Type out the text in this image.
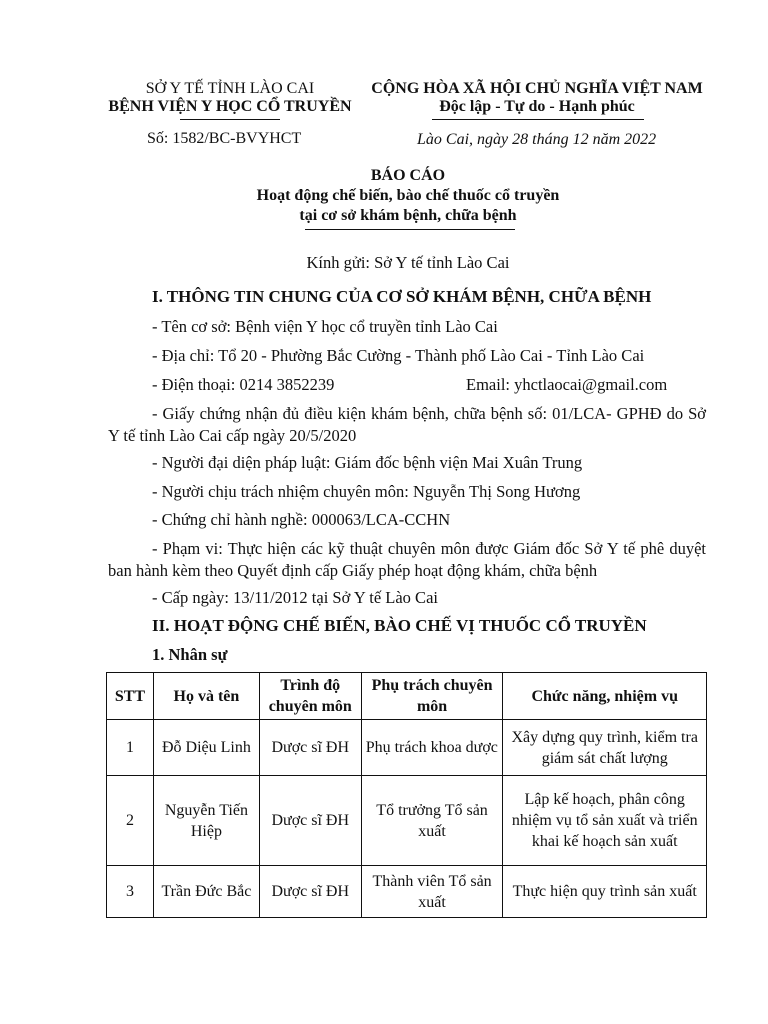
SỞ Y TẾ TỈNH LÀO CAI
BỆNH VIỆN Y HỌC CỔ TRUYỀN
CỘNG HÒA XÃ HỘI CHỦ NGHĨA VIỆT NAM
Độc lập - Tự do - Hạnh phúc
Số: 1582/BC-BVYHCT	Lào Cai, ngày 28 tháng 12 năm 2022
BÁO CÁO
Hoạt động chế biến, bào chế thuốc cổ truyền
tại cơ sở khám bệnh, chữa bệnh
Kính gửi: Sở Y tế tỉnh Lào Cai
I. THÔNG TIN CHUNG CỦA CƠ SỞ KHÁM BỆNH, CHỮA BỆNH
- Tên cơ sở: Bệnh viện Y học cổ truyền tỉnh Lào Cai
- Địa chỉ: Tổ 20 - Phường Bắc Cường - Thành phố Lào Cai - Tỉnh Lào Cai
- Điện thoại: 0214 3852239	Email: yhctlaocai@gmail.com
- Giấy chứng nhận đủ điều kiện khám bệnh, chữa bệnh số: 01/LCA- GPHĐ do Sở Y tế tỉnh Lào Cai cấp ngày 20/5/2020
- Người đại diện pháp luật: Giám đốc bệnh viện Mai Xuân Trung
- Người chịu trách nhiệm chuyên môn: Nguyễn Thị Song Hương
- Chứng chỉ hành nghề: 000063/LCA-CCHN
- Phạm vi: Thực hiện các kỹ thuật chuyên môn được Giám đốc Sở Y tế phê duyệt ban hành kèm theo Quyết định cấp Giấy phép hoạt động khám, chữa bệnh
- Cấp ngày: 13/11/2012 tại Sở Y tế Lào Cai
II. HOẠT ĐỘNG CHẾ BIẾN, BÀO CHẾ VỊ THUỐC CỔ TRUYỀN
1. Nhân sự
STT	Họ và tên	Trình độ chuyên môn	Phụ trách chuyên môn	Chức năng, nhiệm vụ
1	Đỗ Diệu Linh	Dược sĩ ĐH	Phụ trách khoa dược	Xây dựng quy trình, kiểm tra giám sát chất lượng
2	Nguyễn Tiến Hiệp	Dược sĩ ĐH	Tổ trưởng Tổ sản xuất	Lập kế hoạch, phân công nhiệm vụ tổ sản xuất và triển khai kế hoạch sản xuất
3	Trần Đức Bắc	Dược sĩ ĐH	Thành viên Tổ sản xuất	Thực hiện quy trình sản xuất
